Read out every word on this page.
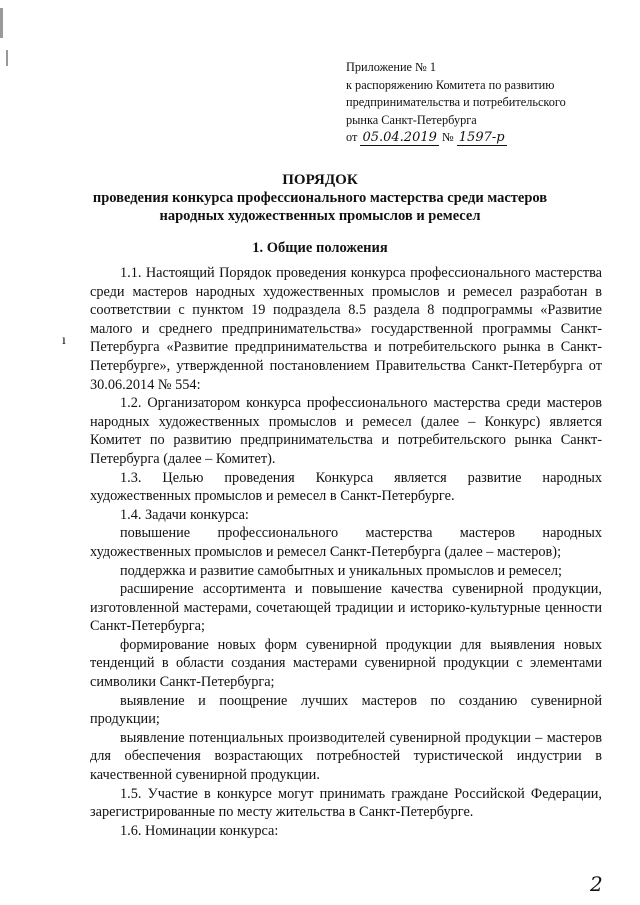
Приложение № 1
к распоряжению Комитета по развитию
предпринимательства и потребительского
рынка Санкт-Петербурга
от 05.04.2019 № 1597-р
ПОРЯДОК
проведения конкурса профессионального мастерства среди мастеров
народных художественных промыслов и ремесел
1. Общие положения
ı

1.1. Настоящий Порядок проведения конкурса профессионального мастерства среди мастеров народных художественных промыслов и ремесел разработан в соответствии с пунктом 19 подраздела 8.5 раздела 8 подпрограммы «Развитие малого и среднего предпринимательства» государственной программы Санкт-Петербурга «Развитие предпринимательства и потребительского рынка в Санкт-Петербурге», утвержденной постановлением Правительства Санкт-Петербурга от 30.06.2014 № 554:

1.2. Организатором конкурса профессионального мастерства среди мастеров народных художественных промыслов и ремесел (далее – Конкурс) является Комитет по развитию предпринимательства и потребительского рынка Санкт-Петербурга (далее – Комитет).

1.3. Целью проведения Конкурса является развитие народных художественных промыслов и ремесел в Санкт-Петербурге.

1.4. Задачи конкурса:

повышение профессионального мастерства мастеров народных художественных промыслов и ремесел Санкт-Петербурга (далее – мастеров);

поддержка и развитие самобытных и уникальных промыслов и ремесел;

расширение ассортимента и повышение качества сувенирной продукции, изготовленной мастерами, сочетающей традиции и историко-культурные ценности Санкт-Петербурга;

формирование новых форм сувенирной продукции для выявления новых тенденций в области создания мастерами сувенирной продукции с элементами символики Санкт-Петербурга;

выявление и поощрение лучших мастеров по созданию сувенирной продукции;

выявление потенциальных производителей сувенирной продукции – мастеров для обеспечения возрастающих потребностей туристической индустрии в качественной сувенирной продукции.

1.5. Участие в конкурсе могут принимать граждане Российской Федерации, зарегистрированные по месту жительства в Санкт-Петербурге.

1.6. Номинации конкурса:

2
